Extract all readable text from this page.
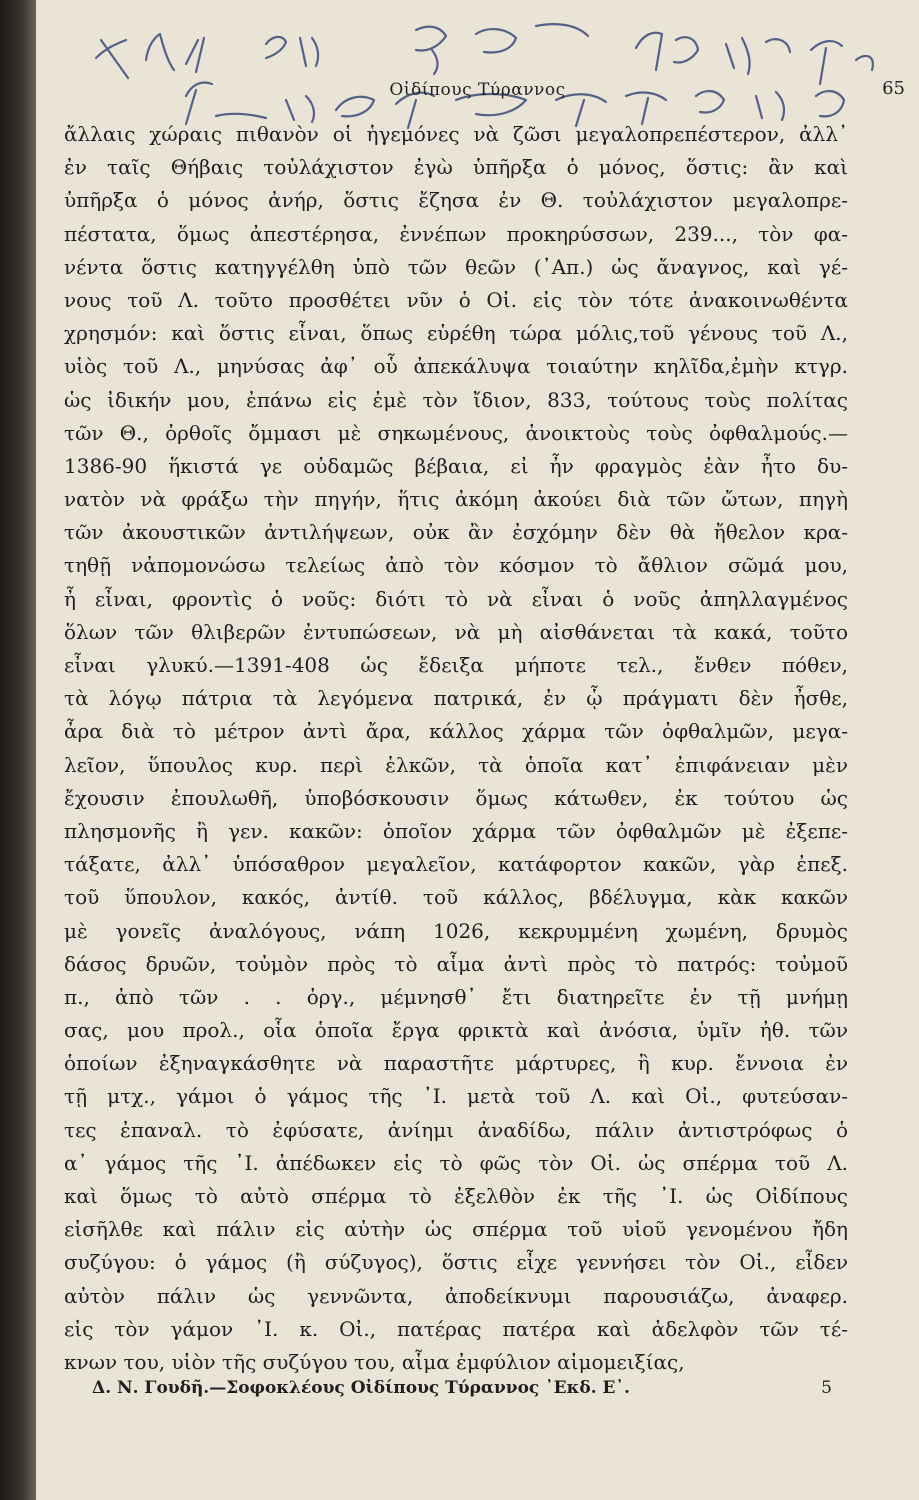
Οἰδίπους Τύραννος	65
ἄλλαις χώραις πιθανὸν οἱ ἡγεμόνες νὰ ζῶσι μεγαλοπρεπέστερον, ἀλλ᾽
ἐν ταῖς Θήβαις τοὐλάχιστον ἐγὼ ὑπῆρξα ὁ μόνος, ὅστις: ἂν καὶ
ὑπῆρξα ὁ μόνος ἀνήρ, ὅστις ἔζησα ἐν Θ. τοὐλάχιστον μεγαλοπρε-
πέστατα, ὅμως ἀπεστέρησα, ἐννέπων προκηρύσσων, 239..., τὸν φα-
νέντα ὅστις κατηγγέλθη ὑπὸ τῶν θεῶν (᾿Απ.) ὡς ἄναγνος, καὶ γέ-
νους τοῦ Λ. τοῦτο προσθέτει νῦν ὁ Οἰ. εἰς τὸν τότε ἀνακοινωθέντα
χρησμόν: καὶ ὅστις εἶναι, ὅπως εὑρέθη τώρα μόλις,τοῦ γένους τοῦ Λ.,
υἱὸς τοῦ Λ., μηνύσας ἀφ᾽ οὗ ἀπεκάλυψα τοιαύτην κηλῖδα,ἐμὴν κτγρ.
ὡς ἰδικήν μου, ἐπάνω εἰς ἐμὲ τὸν ἴδιον, 833, τούτους τοὺς πολίτας
τῶν Θ., ὀρθοῖς ὄμμασι μὲ σηκωμένους, ἀνοικτοὺς τοὺς ὀφθαλμούς.—
1386-90 ἥκιστά γε οὐδαμῶς βέβαια, εἰ ἦν φραγμὸς ἐὰν ἦτο δυ-
νατὸν νὰ φράξω τὴν πηγήν, ἥτις ἀκόμη ἀκούει διὰ τῶν ὤτων, πηγὴ
τῶν ἀκουστικῶν ἀντιλήψεων, οὐκ ἂν ἐσχόμην δὲν θὰ ἤθελον κρα-
τηθῇ νἀπομονώσω τελείως ἀπὸ τὸν κόσμον τὸ ἄθλιον σῶμά μου,
ἦ εἶναι, φροντὶς ὁ νοῦς: διότι τὸ νὰ εἶναι ὁ νοῦς ἀπηλλαγμένος
ὅλων τῶν θλιβερῶν ἐντυπώσεων, νὰ μὴ αἰσθάνεται τὰ κακά, τοῦτο
εἶναι γλυκύ.—1391-408 ὡς ἔδειξα μήποτε τελ., ἔνθεν πόθεν,
τὰ λόγῳ πάτρια τὰ λεγόμενα πατρικά, ἐν ᾧ πράγματι δὲν ἦσθε,
ἆρα διὰ τὸ μέτρον ἀντὶ ἄρα, κάλλος χάρμα τῶν ὀφθαλμῶν, μεγα-
λεῖον, ὕπουλος κυρ. περὶ ἑλκῶν, τὰ ὁποῖα κατ᾽ ἐπιφάνειαν μὲν
ἔχουσιν ἐπουλωθῆ, ὑποβόσκουσιν ὅμως κάτωθεν, ἐκ τούτου ὡς
πλησμονῆς ἢ γεν. κακῶν: ὁποῖον χάρμα τῶν ὀφθαλμῶν μὲ ἐξεπε-
τάξατε, ἀλλ᾽ ὑπόσαθρον μεγαλεῖον, κατάφορτον κακῶν, γὰρ ἐπεξ.
τοῦ ὕπουλον, κακός, ἀντίθ. τοῦ κάλλος, βδέλυγμα, κὰκ κακῶν
μὲ γονεῖς ἀναλόγους, νάπη 1026, κεκρυμμένη χωμένη, δρυμὸς
δάσος δρυῶν, τοὐμὸν πρὸς τὸ αἷμα ἀντὶ πρὸς τὸ πατρός: τοὐμοῦ
π., ἀπὸ τῶν . . ὀργ., μέμνησθ᾽ ἔτι διατηρεῖτε ἐν τῇ μνήμῃ
σας, μου προλ., οἷα ὁποῖα ἔργα φρικτὰ καὶ ἀνόσια, ὑμῖν ἠθ. τῶν
ὁποίων ἐξηναγκάσθητε νὰ παραστῆτε μάρτυρες, ἢ κυρ. ἔννοια ἐν
τῇ μτχ., γάμοι ὁ γάμος τῆς ᾿Ι. μετὰ τοῦ Λ. καὶ Οἰ., φυτεύσαν-
τες ἐπαναλ. τὸ ἐφύσατε, ἀνίημι ἀναδίδω, πάλιν ἀντιστρόφως ὁ
α᾽ γάμος τῆς ᾿Ι. ἀπέδωκεν εἰς τὸ φῶς τὸν Οἰ. ὡς σπέρμα τοῦ Λ.
καὶ ὅμως τὸ αὐτὸ σπέρμα τὸ ἐξελθὸν ἐκ τῆς ᾿Ι. ὡς Οἰδίπους
εἰσῆλθε καὶ πάλιν εἰς αὐτὴν ὡς σπέρμα τοῦ υἱοῦ γενομένου ἤδη
συζύγου: ὁ γάμος (ἢ σύζυγος), ὅστις εἶχε γεννήσει τὸν Οἰ., εἶδεν
αὐτὸν πάλιν ὡς γεννῶντα, ἀποδείκνυμι παρουσιάζω, ἀναφερ.
εἰς τὸν γάμον ᾿Ι. κ. Οἰ., πατέρας πατέρα καὶ ἀδελφὸν τῶν τέ-
κνων του, υἱὸν τῆς συζύγου του, αἷμα ἐμφύλιον αἱμομειξίας,
Δ. Ν. Γουδῆ.—Σοφοκλέους Οἰδίπους Τύραννος ᾿Εκδ. Ε᾽.	5
